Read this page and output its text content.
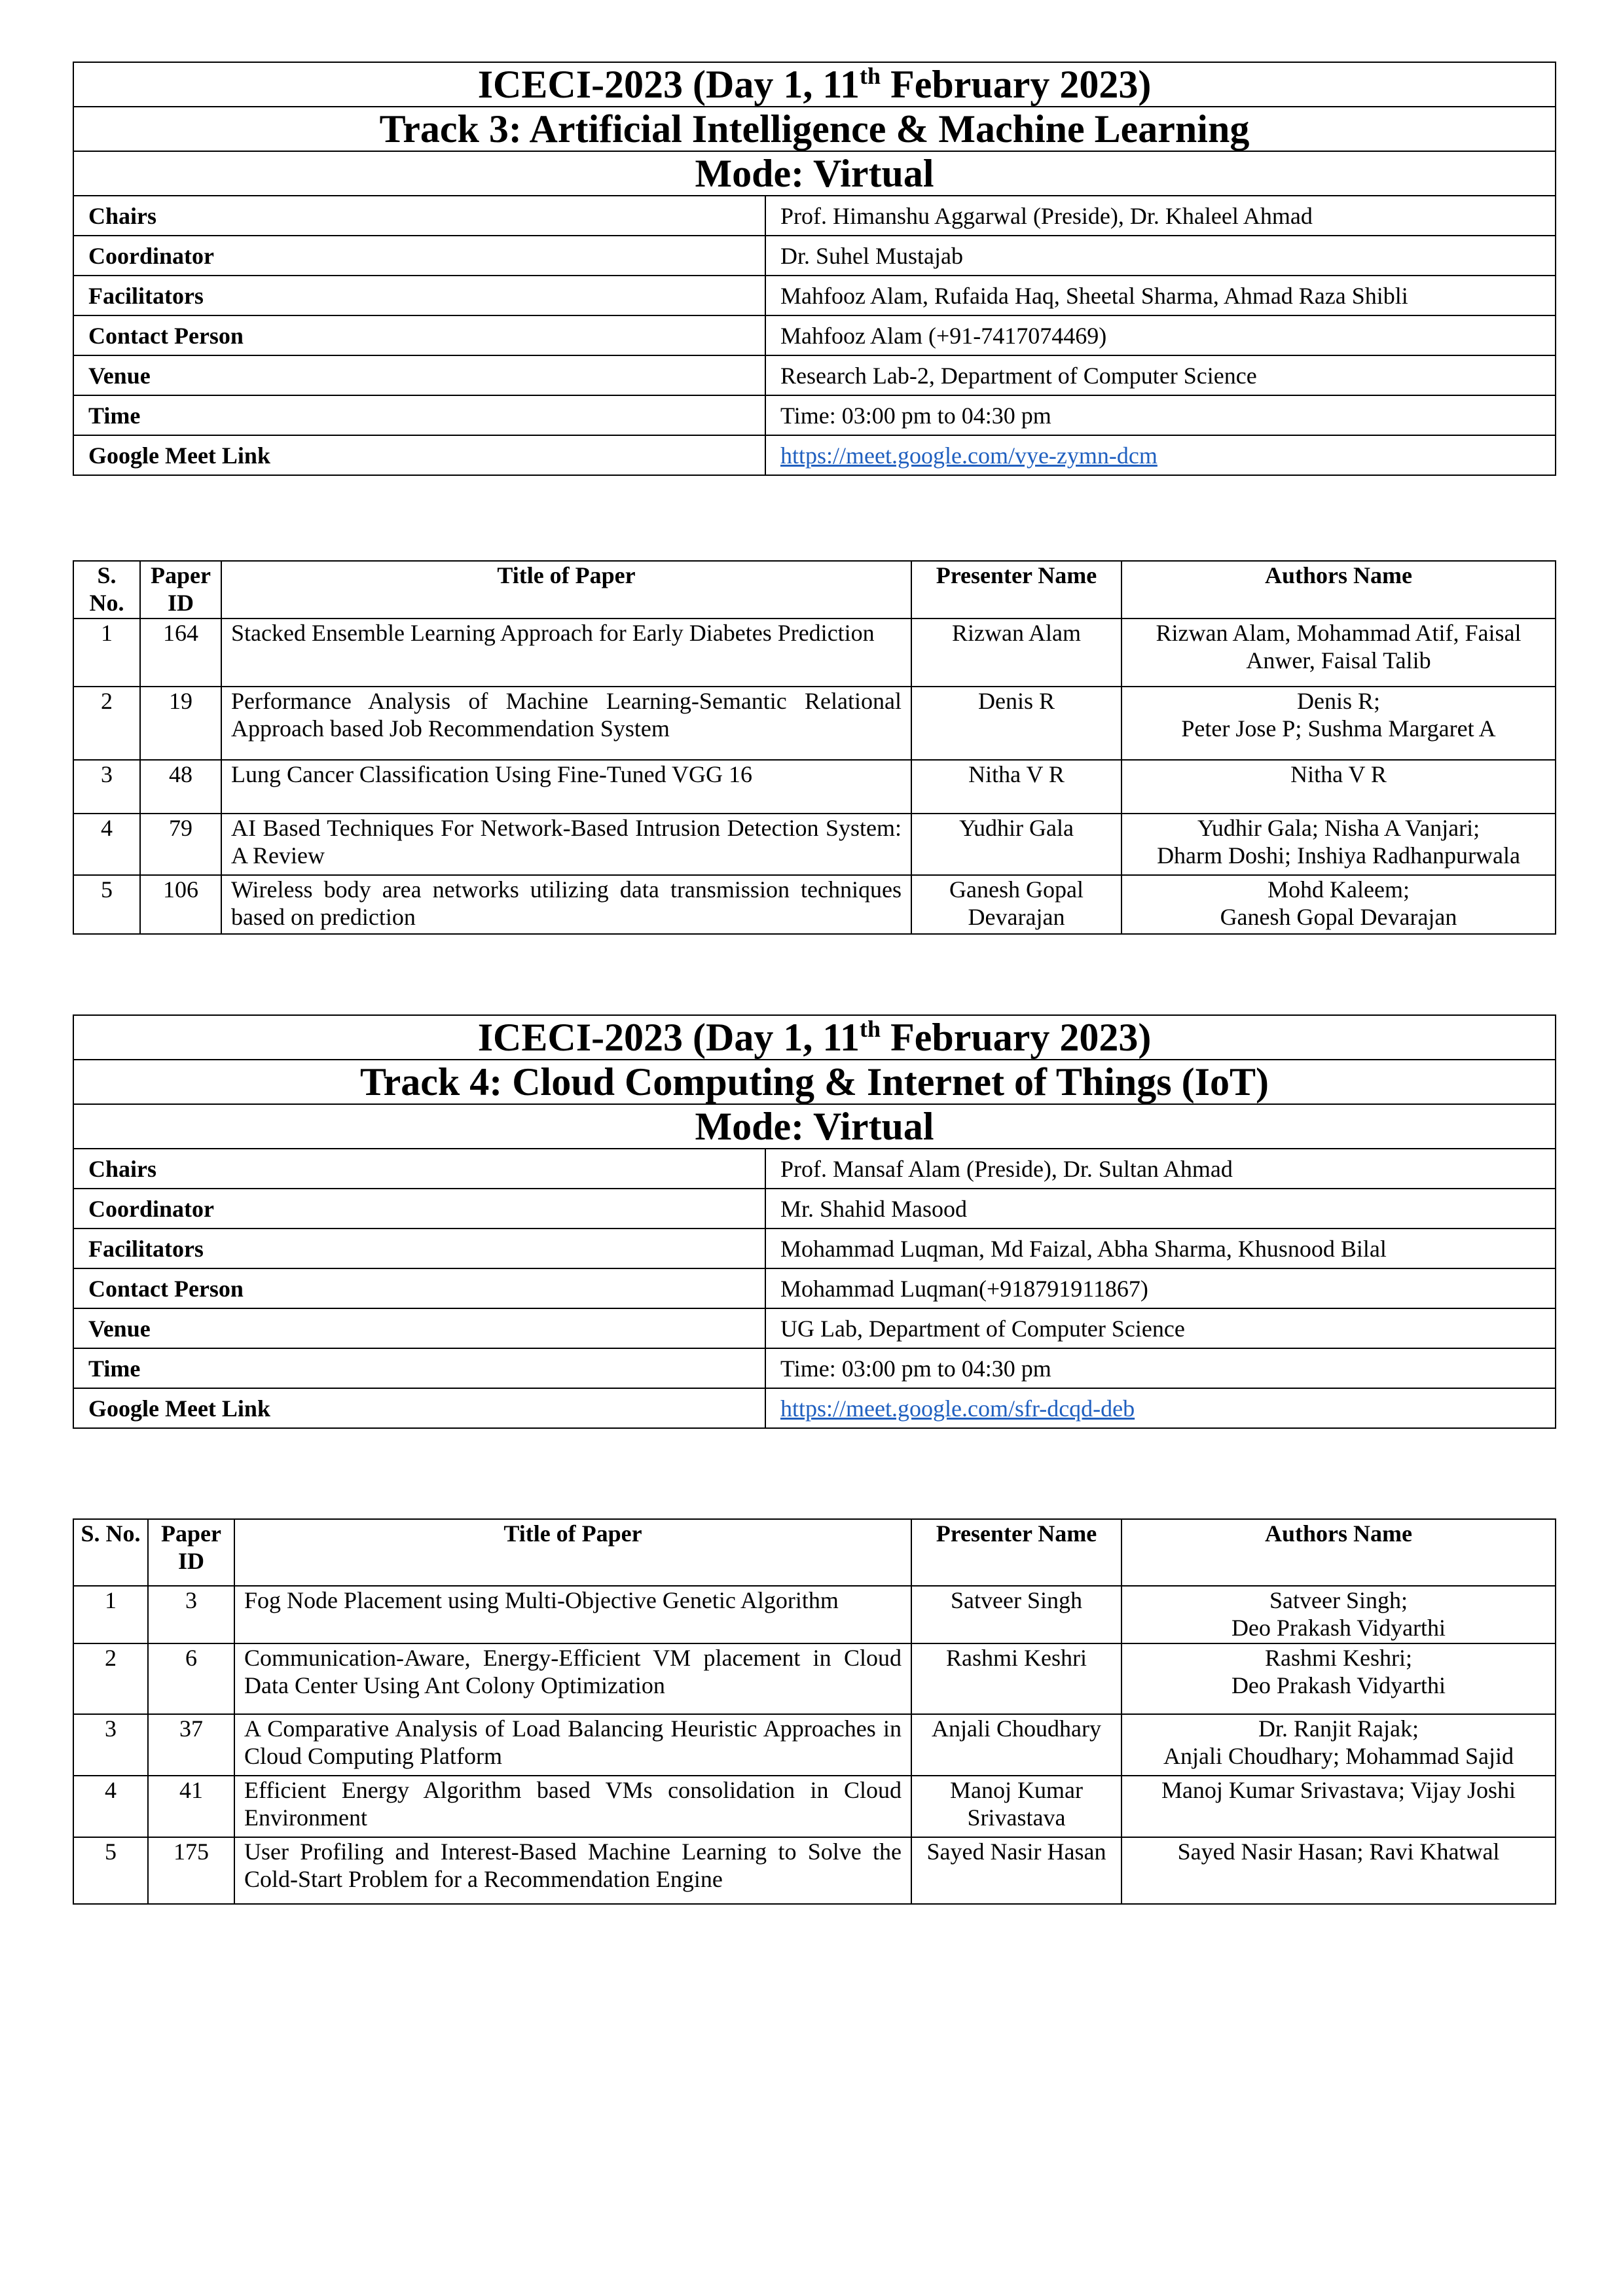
ICECI-2023 (Day 1, 11th February 2023)	
Track 3: Artificial Intelligence & Machine Learning	
Mode: Virtual	
Chairs	Prof. Himanshu Aggarwal (Preside), Dr. Khaleel Ahmad
Coordinator	Dr. Suhel Mustajab
Facilitators	Mahfooz Alam, Rufaida Haq, Sheetal Sharma, Ahmad Raza Shibli
Contact Person	Mahfooz Alam (+91-7417074469)
Venue	Research Lab-2, Department of Computer Science
Time	Time: 03:00 pm to 04:30 pm
Google Meet Link	https://meet.google.com/vye-zymn-dcm
S. No.	Paper ID	Title of Paper	Presenter Name	Authors Name
1	164	Stacked Ensemble Learning Approach for Early Diabetes Prediction	Rizwan Alam	Rizwan Alam, Mohammad Atif, Faisal
Anwer, Faisal Talib

2	19	Performance Analysis of Machine Learning-Semantic Relational Approach based Job Recommendation System	Denis R	Denis R;
Peter Jose P; Sushma Margaret A

3	48	Lung Cancer Classification Using Fine-Tuned VGG 16	Nitha V R	Nitha V R

4	79	AI Based Techniques For Network-Based Intrusion Detection System: A Review	Yudhir Gala	Yudhir Gala; Nisha A Vanjari;
Dharm Doshi; Inshiya Radhanpurwala

5	106	Wireless body area networks utilizing data transmission techniques based on prediction	Ganesh Gopal Devarajan	Mohd Kaleem;
Ganesh Gopal Devarajan
ICECI-2023 (Day 1, 11th February 2023)	
Track 4: Cloud Computing & Internet of Things (IoT)	
Mode: Virtual	
Chairs	Prof. Mansaf Alam (Preside), Dr. Sultan Ahmad
Coordinator	Mr. Shahid Masood
Facilitators	Mohammad Luqman, Md Faizal, Abha Sharma, Khusnood Bilal
Contact Person	Mohammad Luqman(+918791911867)
Venue	UG Lab, Department of Computer Science
Time	Time: 03:00 pm to 04:30 pm
Google Meet Link	https://meet.google.com/sfr-dcqd-deb
S. No.	Paper ID	Title of Paper	Presenter Name	Authors Name
1	3	Fog Node Placement using Multi-Objective Genetic Algorithm	Satveer Singh	Satveer Singh;
Deo Prakash Vidyarthi

2	6	Communication-Aware, Energy-Efficient VM placement in Cloud Data Center Using Ant Colony Optimization	Rashmi Keshri	Rashmi Keshri;
Deo Prakash Vidyarthi

3	37	A Comparative Analysis of Load Balancing Heuristic Approaches in Cloud Computing Platform	Anjali Choudhary	Dr. Ranjit Rajak;
Anjali Choudhary; Mohammad Sajid

4	41	Efficient Energy Algorithm based VMs consolidation in Cloud Environment	Manoj Kumar Srivastava	Manoj Kumar Srivastava; Vijay Joshi

5	175	User Profiling and Interest-Based Machine Learning to Solve the Cold-Start Problem for a Recommendation Engine	Sayed Nasir Hasan	Sayed Nasir Hasan; Ravi Khatwal
